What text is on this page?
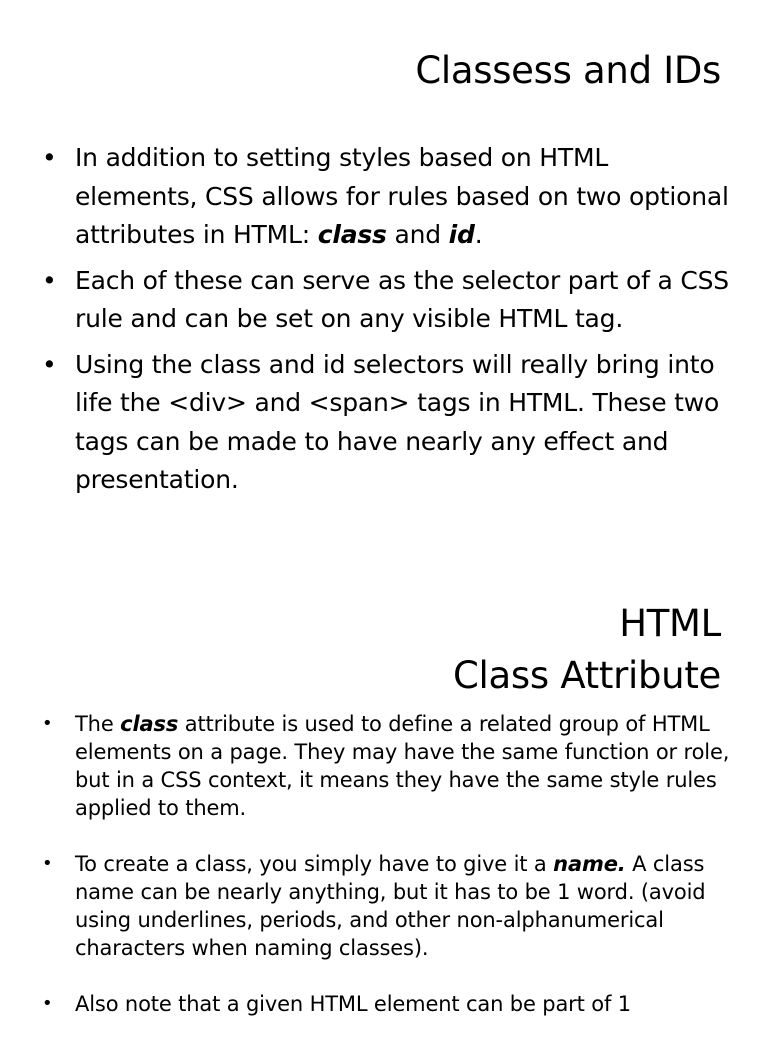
Classess and IDs
• In addition to setting styles based on HTML elements, CSS allows for rules based on two optional attributes in HTML: class and id.
• Each of these can serve as the selector part of a CSS rule and can be set on any visible HTML tag.
• Using the class and id selectors will really bring into life the <div> and <span> tags in HTML. These two tags can be made to have nearly any effect and presentation.
HTML
Class Attribute
• The class attribute is used to define a related group of HTML elements on a page. They may have the same function or role, but in a CSS context, it means they have the same style rules applied to them.
• To create a class, you simply have to give it a name. A class name can be nearly anything, but it has to be 1 word. (avoid using underlines, periods, and other non-alphanumerical characters when naming classes).
• Also note that a given HTML element can be part of 1
